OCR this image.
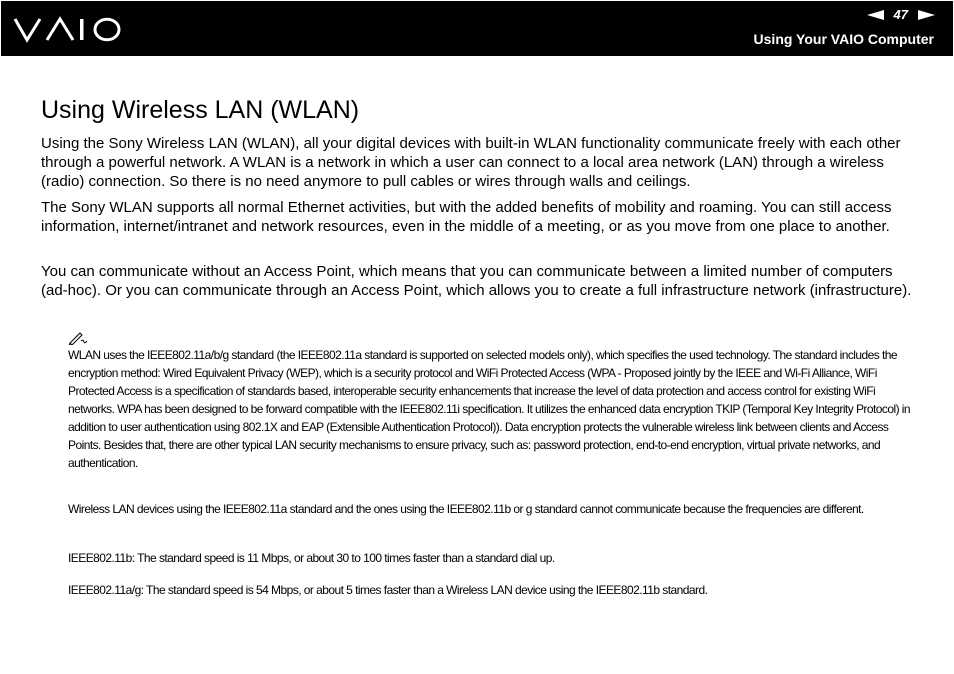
VAIO	47
Using Your VAIO Computer
Using Wireless LAN (WLAN)

Using the Sony Wireless LAN (WLAN), all your digital devices with built-in WLAN functionality communicate freely with each other through a powerful network. A WLAN is a network in which a user can connect to a local area network (LAN) through a wireless (radio) connection. So there is no need anymore to pull cables or wires through walls and ceilings.

The Sony WLAN supports all normal Ethernet activities, but with the added benefits of mobility and roaming. You can still access information, internet/intranet and network resources, even in the middle of a meeting, or as you move from one place to another.

You can communicate without an Access Point, which means that you can communicate between a limited number of computers (ad-hoc). Or you can communicate through an Access Point, which allows you to create a full infrastructure network (infrastructure).

WLAN uses the IEEE802.11a/b/g standard (the IEEE802.11a standard is supported on selected models only), which specifies the used technology. The standard includes the encryption method: Wired Equivalent Privacy (WEP), which is a security protocol and WiFi Protected Access (WPA - Proposed jointly by the IEEE and Wi-Fi Alliance, WiFi Protected Access is a specification of standards based, interoperable security enhancements that increase the level of data protection and access control for existing WiFi networks. WPA has been designed to be forward compatible with the IEEE802.11i specification. It utilizes the enhanced data encryption TKIP (Temporal Key Integrity Protocol) in addition to user authentication using 802.1X and EAP (Extensible Authentication Protocol)). Data encryption protects the vulnerable wireless link between clients and Access Points. Besides that, there are other typical LAN security mechanisms to ensure privacy, such as: password protection, end-to-end encryption, virtual private networks, and authentication.

Wireless LAN devices using the IEEE802.11a standard and the ones using the IEEE802.11b or g standard cannot communicate because the frequencies are different.

IEEE802.11b: The standard speed is 11 Mbps, or about 30 to 100 times faster than a standard dial up.

IEEE802.11a/g: The standard speed is 54 Mbps, or about 5 times faster than a Wireless LAN device using the IEEE802.11b standard.
